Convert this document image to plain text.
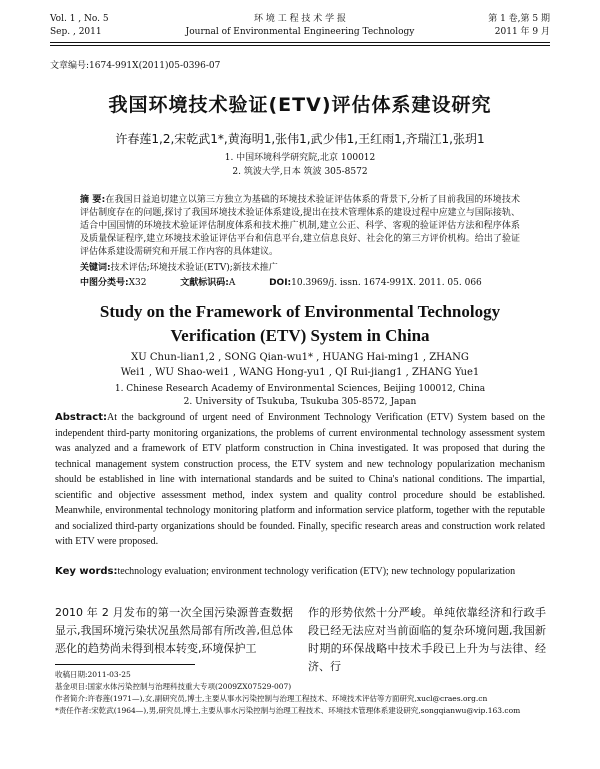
Vol. 1 , No. 5	环 境 工 程 技 术 学 报	第 1 卷,第 5 期
Sep. , 2011	Journal of Environmental Engineering Technology	2011 年 9 月
文章编号:1674-991X(2011)05-0396-07
我国环境技术验证(ETV)评估体系建设研究
许春莲1,2,宋乾武1*,黄海明1,张伟1,武少伟1,王红雨1,齐瑞江1,张玥1
1. 中国环境科学研究院,北京 100012
2. 筑波大学,日本 筑波 305-8572
摘 要:在我国日益追切建立以第三方独立为基础的环境技术验证评估体系的背景下,分析了目前我国的环境技术评估制度存在的问题,探讨了我国环境技术验证体系建设,提出在技术管理体系的建设过程中应建立与国际接轨、适合中国国情的环境技术验证评估制度体系和技术推广机制,建立公正、科学、客观的验证评估方法和程序体系及质量保证程序,建立环境技术验证评估平台和信息平台,建立信息良好、社会化的第三方评价机构。给出了验证评估体系建设需研究和开展工作内容的具体建议。
关键词:技术评估;环境技术验证(ETV);新技术推广
中图分类号:X32	文献标识码:A	DOI:10.3969/j. issn. 1674-991X. 2011. 05. 066
Study on the Framework of Environmental Technology
Verification (ETV) System in China
XU Chun-lian1,2 , SONG Qian-wu1* , HUANG Hai-ming1 , ZHANG Wei1 , WU Shao-wei1 , WANG Hong-yu1 , QI Rui-jiang1 , ZHANG Yue1
1. Chinese Research Academy of Environmental Sciences, Beijing 100012, China
2. University of Tsukuba, Tsukuba 305-8572, Japan
Abstract:At the background of urgent need of Environment Technology Verification (ETV) System based on the independent third-party monitoring organizations, the problems of current environmental technology assessment system was analyzed and a framework of ETV platform construction in China investigated. It was proposed that during the technical management system construction process, the ETV system and new technology popularization mechanism should be established in line with international standards and be suited to China's national conditions. The impartial, scientific and objective assessment method, index system and quality control procedure should be established. Meanwhile, environmental technology monitoring platform and information service platform, together with the reputable and socialized third-party organizations should be founded. Finally, specific research areas and construction work related with ETV were proposed.
Key words:technology evaluation; environment technology verification (ETV); new technology popularization
2010 年 2 月发布的第一次全国污染源普查数据显示,我国环境污染状况虽然局部有所改善,但总体恶化的趋势尚未得到根本转变,环境保护工
作的形势依然十分严峻。单纯依靠经济和行政手段已经无法应对当前面临的复杂环境问题,我国新时期的环保战略中技术手段已上升为与法律、经济、行
收稿日期:2011-03-25
基金项目:国家水体污染控制与治理科技重大专项(2009ZX07529-007)
作者简介:许春莲(1971—),女,副研究员,博士,主要从事水污染控制与治理工程技术、环境技术评估等方面研究,xucl@craes.org.cn
*责任作者:宋乾武(1964—),男,研究员,博士,主要从事水污染控制与治理工程技术、环境技术管理体系建设研究,songqianwu@vip.163.com
